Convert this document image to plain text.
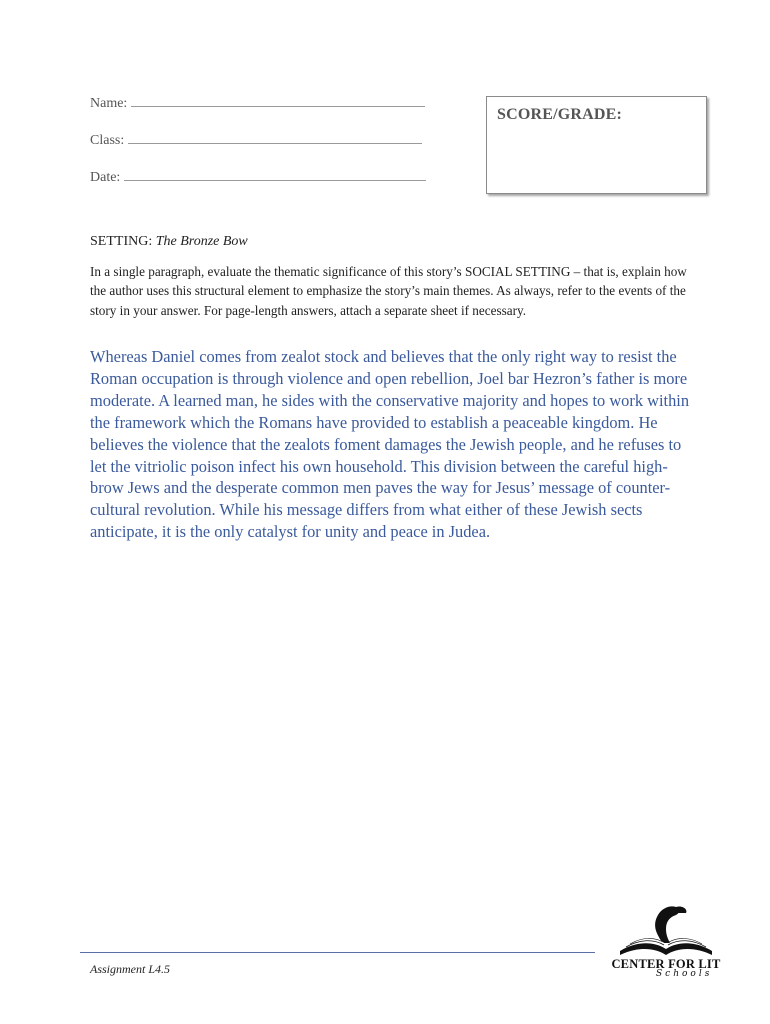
Name:
Class:
Date:
SCORE/GRADE:
SETTING: The Bronze Bow
In a single paragraph, evaluate the thematic significance of this story’s SOCIAL SETTING – that is, explain how the author uses this structural element to emphasize the story’s main themes. As always, refer to the events of the story in your answer. For page-length answers, attach a separate sheet if necessary.
Whereas Daniel comes from zealot stock and believes that the only right way to resist the Roman occupation is through violence and open rebellion, Joel bar Hezron’s father is more moderate. A learned man, he sides with the conservative majority and hopes to work within the framework which the Romans have provided to establish a peaceable kingdom. He believes the violence that the zealots foment damages the Jewish people, and he refuses to let the vitriolic poison infect his own household. This division between the careful high-brow Jews and the desperate common men paves the way for Jesus’ message of counter-cultural revolution. While his message differs from what either of these Jewish sects anticipate, it is the only catalyst for unity and peace in Judea.
Assignment L4.5	CENTER FOR LIT
Schools
